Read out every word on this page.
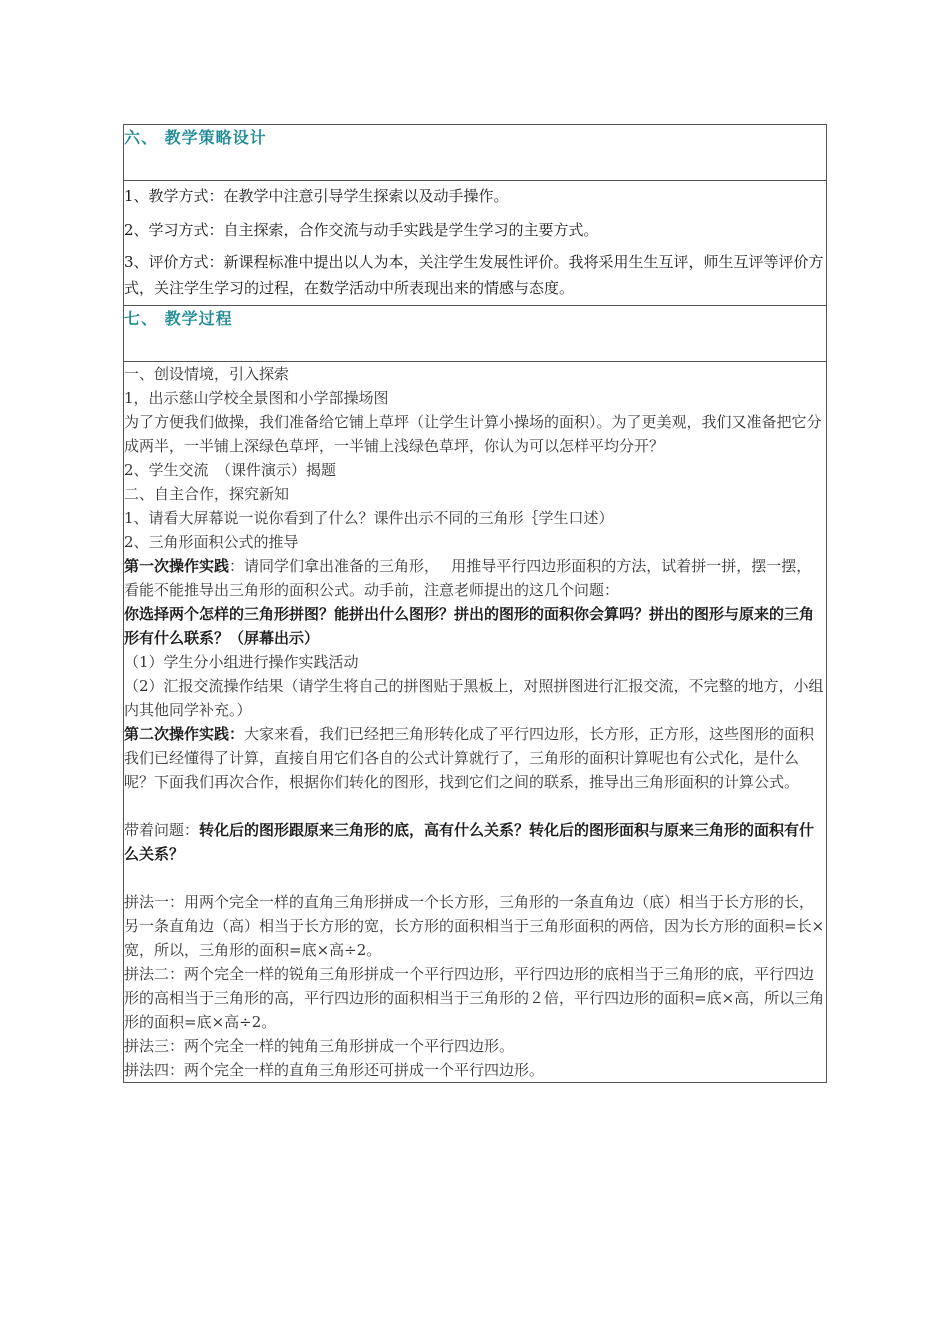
六、 教学策略设计

1、教学方式：在教学中注意引导学生探索以及动手操作。

2、学习方式：自主探索，合作交流与动手实践是学生学习的主要方式。

3、评价方式：新课程标准中提出以人为本，关注学生发展性评价。我将采用生生互评，师生互评等评价方式，关注学生学习的过程，在数学活动中所表现出来的情感与态度。

七、 教学过程

一、创设情境，引入探索

1，出示慈山学校全景图和小学部操场图

为了方便我们做操，我们准备给它铺上草坪（让学生计算小操场的面积）。为了更美观，我们又准备把它分成两半，一半铺上深绿色草坪，一半铺上浅绿色草坪，你认为可以怎样平均分开？

2、学生交流　（课件演示）揭题

二、自主合作，探究新知

1、请看大屏幕说一说你看到了什么？课件出示不同的三角形｛学生口述）

2、三角形面积公式的推导

第一次操作实践：请同学们拿出准备的三角形，　 用推导平行四边形面积的方法，试着拼一拼，摆一摆，看能不能推导出三角形的面积公式。动手前，注意老师提出的这几个问题：

你选择两个怎样的三角形拼图？能拼出什么图形？拼出的图形的面积你会算吗？拼出的图形与原来的三角形有什么联系？（屏幕出示）

（1）学生分小组进行操作实践活动

（2）汇报交流操作结果（请学生将自己的拼图贴于黑板上，对照拼图进行汇报交流，不完整的地方，小组内其他同学补充。）

第二次操作实践：大家来看，我们已经把三角形转化成了平行四边形，长方形，正方形，这些图形的面积我们已经懂得了计算，直接自用它们各自的公式计算就行了，三角形的面积计算呢也有公式化，是什么呢？下面我们再次合作，根据你们转化的图形，找到它们之间的联系，推导出三角形面积的计算公式。

带着问题：转化后的图形跟原来三角形的底，高有什么关系？转化后的图形面积与原来三角形的面积有什么关系？

拼法一：用两个完全一样的直角三角形拼成一个长方形，三角形的一条直角边（底）相当于长方形的长，另一条直角边（高）相当于长方形的宽，长方形的面积相当于三角形面积的两倍，因为长方形的面积=长×宽，所以，三角形的面积=底×高÷2。

拼法二：两个完全一样的锐角三角形拼成一个平行四边形，平行四边形的底相当于三角形的底，平行四边形的高相当于三角形的高，平行四边形的面积相当于三角形的２倍，平行四边形的面积=底×高，所以三角形的面积=底×高÷2。

拼法三：两个完全一样的钝角三角形拼成一个平行四边形。

拼法四：两个完全一样的直角三角形还可拼成一个平行四边形。
